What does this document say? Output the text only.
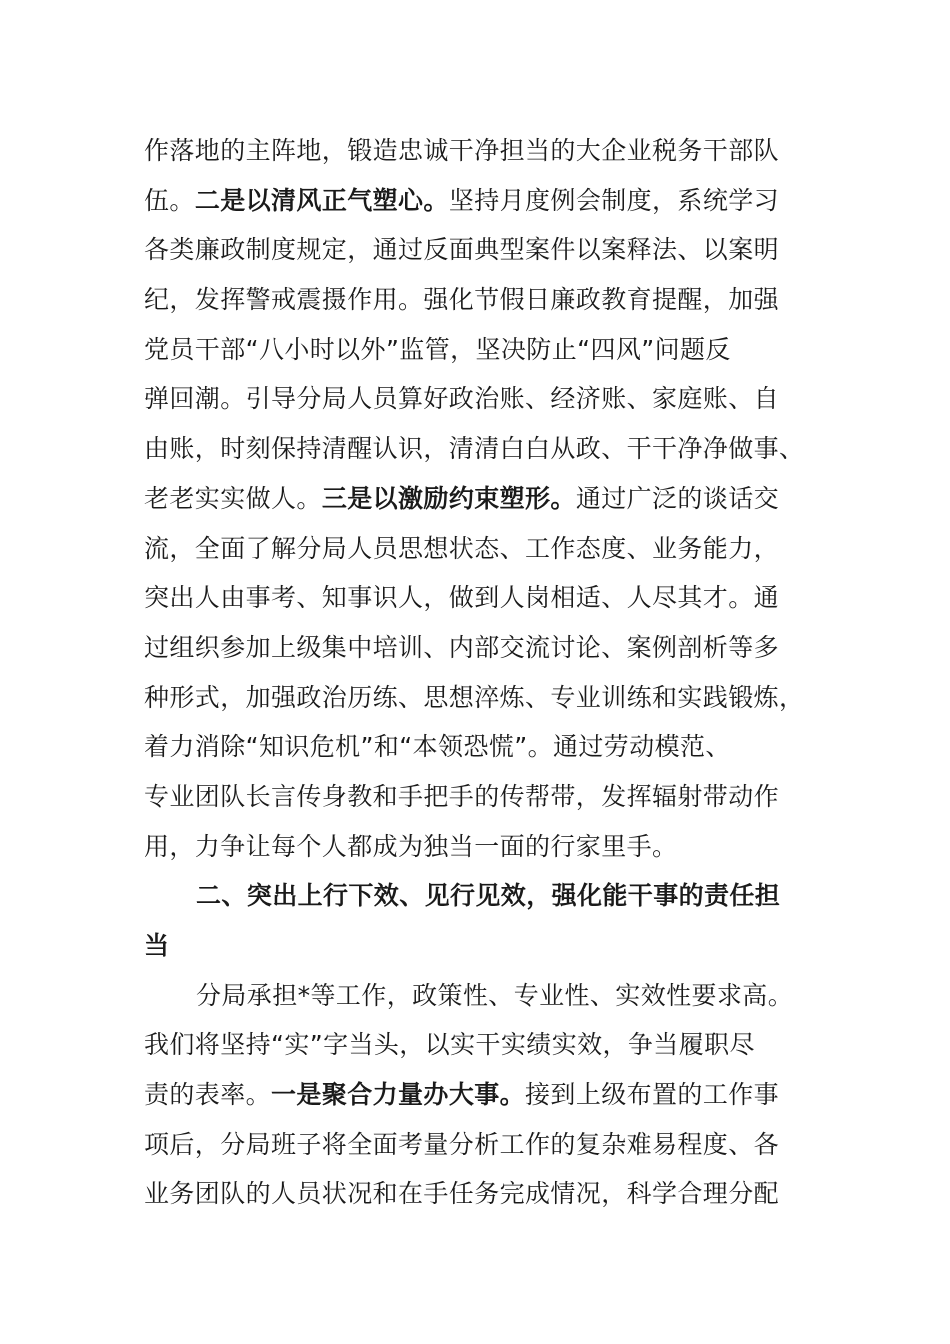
作落地的主阵地，锻造忠诚干净担当的大企业税务干部队
伍。二是以清风正气塑心。坚持月度例会制度，系统学习
各类廉政制度规定，通过反面典型案件以案释法、以案明
纪，发挥警戒震摄作用。强化节假日廉政教育提醒，加强
党员干部“八小时以外”监管，坚决防止“四风”问题反
弹回潮。引导分局人员算好政治账、经济账、家庭账、自
由账，时刻保持清醒认识，清清白白从政、干干净净做事、
老老实实做人。三是以激励约束塑形。通过广泛的谈话交
流，全面了解分局人员思想状态、工作态度、业务能力，
突出人由事考、知事识人，做到人岗相适、人尽其才。通
过组织参加上级集中培训、内部交流讨论、案例剖析等多
种形式，加强政治历练、思想淬炼、专业训练和实践锻炼，
着力消除“知识危机”和“本领恐慌”。通过劳动模范、
专业团队长言传身教和手把手的传帮带，发挥辐射带动作
用，力争让每个人都成为独当一面的行家里手。
二、突出上行下效、见行见效，强化能干事的责任担
当
分局承担*等工作，政策性、专业性、实效性要求高。
我们将坚持“实”字当头，以实干实绩实效，争当履职尽
责的表率。一是聚合力量办大事。接到上级布置的工作事
项后，分局班子将全面考量分析工作的复杂难易程度、各
业务团队的人员状况和在手任务完成情况，科学合理分配
